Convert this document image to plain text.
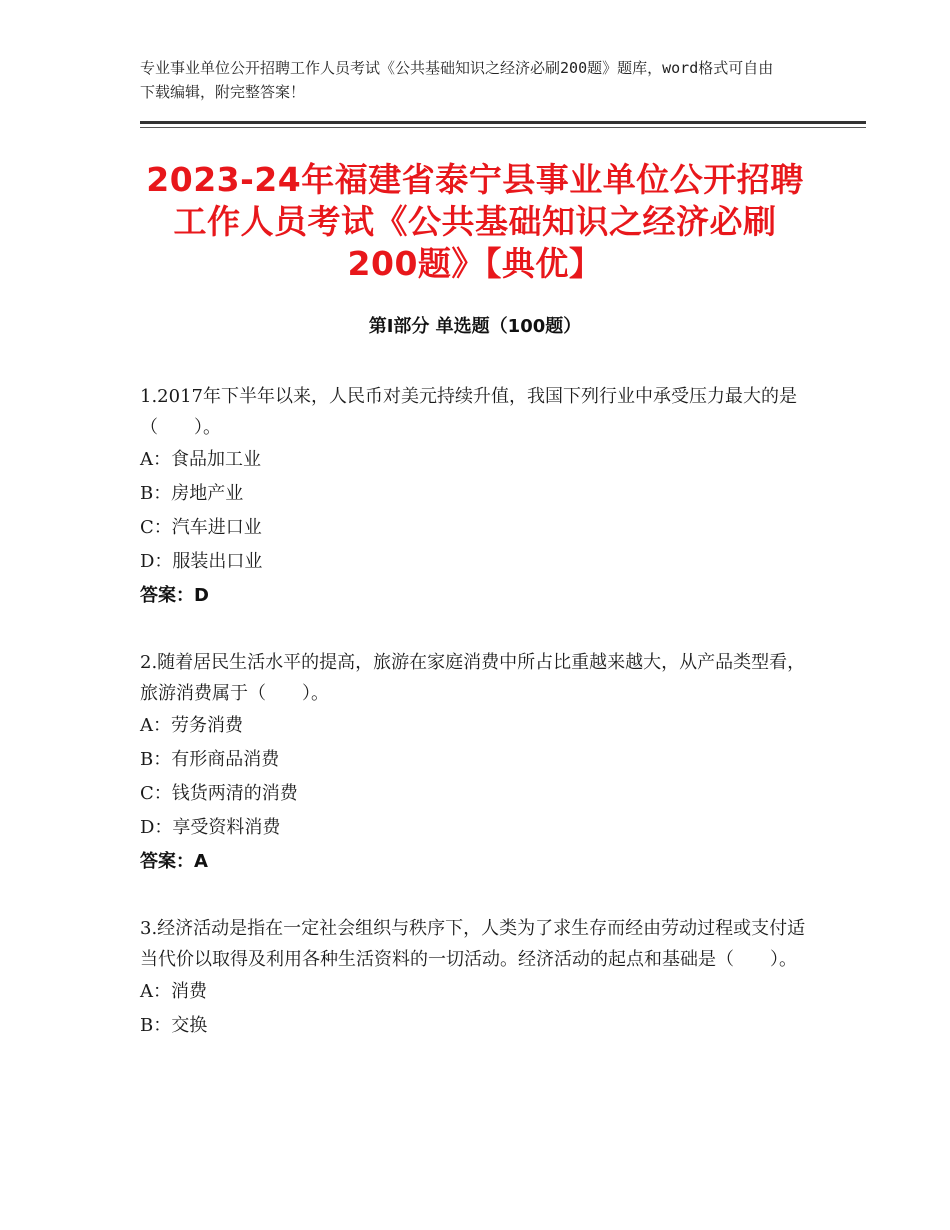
专业事业单位公开招聘工作人员考试《公共基础知识之经济必刷200题》题库，word格式可自由下载编辑，附完整答案！
2023-24年福建省泰宁县事业单位公开招聘
工作人员考试《公共基础知识之经济必刷
200题》【典优】
第Ⅰ部分 单选题（100题）

1.2017年下半年以来，人民币对美元持续升值，我国下列行业中承受压力最大的是（　　）。

A：食品加工业

B：房地产业

C：汽车进口业

D：服装出口业

答案：D

2.随着居民生活水平的提高，旅游在家庭消费中所占比重越来越大，从产品类型看，旅游消费属于（　　）。

A：劳务消费

B：有形商品消费

C：钱货两清的消费

D：享受资料消费

答案：A

3.经济活动是指在一定社会组织与秩序下，人类为了求生存而经由劳动过程或支付适当代价以取得及利用各种生活资料的一切活动。经济活动的起点和基础是（　　）。

A：消费

B：交换
